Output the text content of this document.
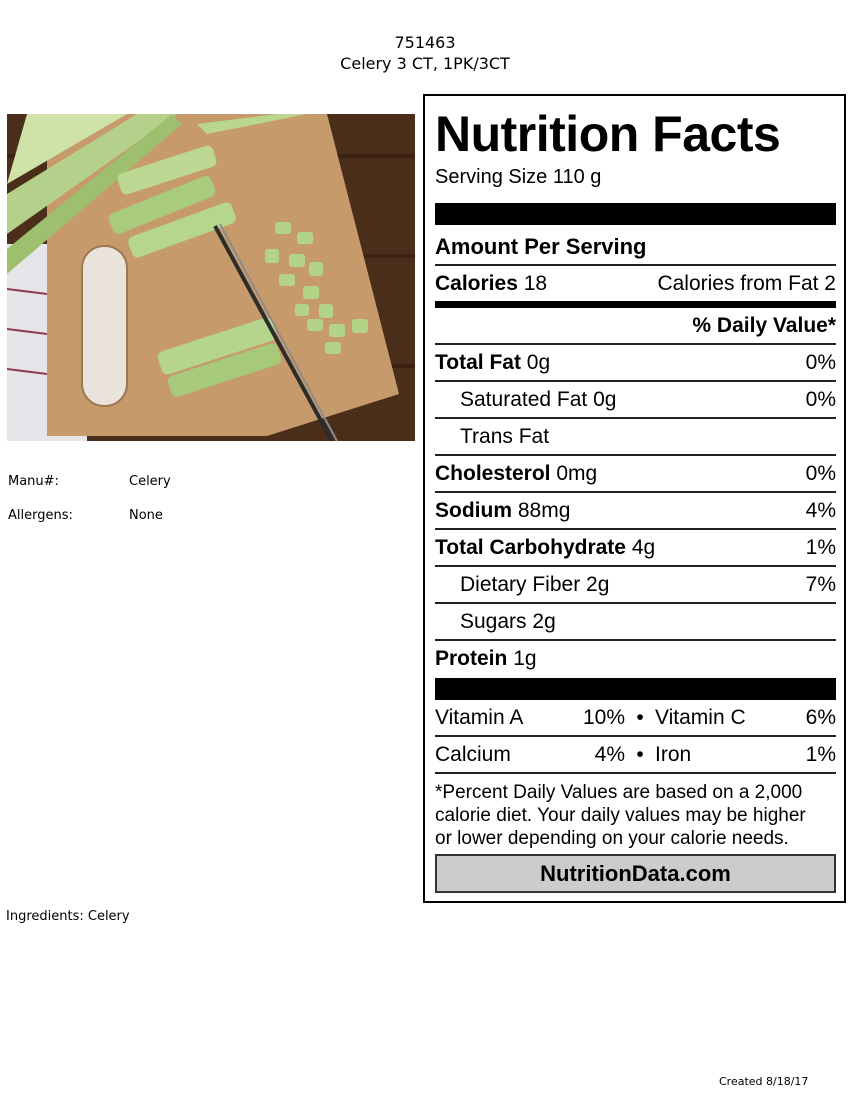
751463
Celery 3 CT, 1PK/3CT
Manu#:	Celery
Allergens:	None
Nutrition Facts
Serving Size 110 g
Amount Per Serving
Calories 18	Calories from Fat 2
% Daily Value*
Total Fat 0g	0%
Saturated Fat 0g	0%
Trans Fat
Cholesterol 0mg	0%
Sodium 88mg	4%
Total Carbohydrate 4g	1%
Dietary Fiber 2g	7%
Sugars 2g
Protein 1g
Vitamin A	10% • Vitamin C	6%
Calcium	4% • Iron	1%
*Percent Daily Values are based on a 2,000
calorie diet. Your daily values may be higher
or lower depending on your calorie needs.
NutritionData.com
Ingredients: Celery
Created 8/18/17
